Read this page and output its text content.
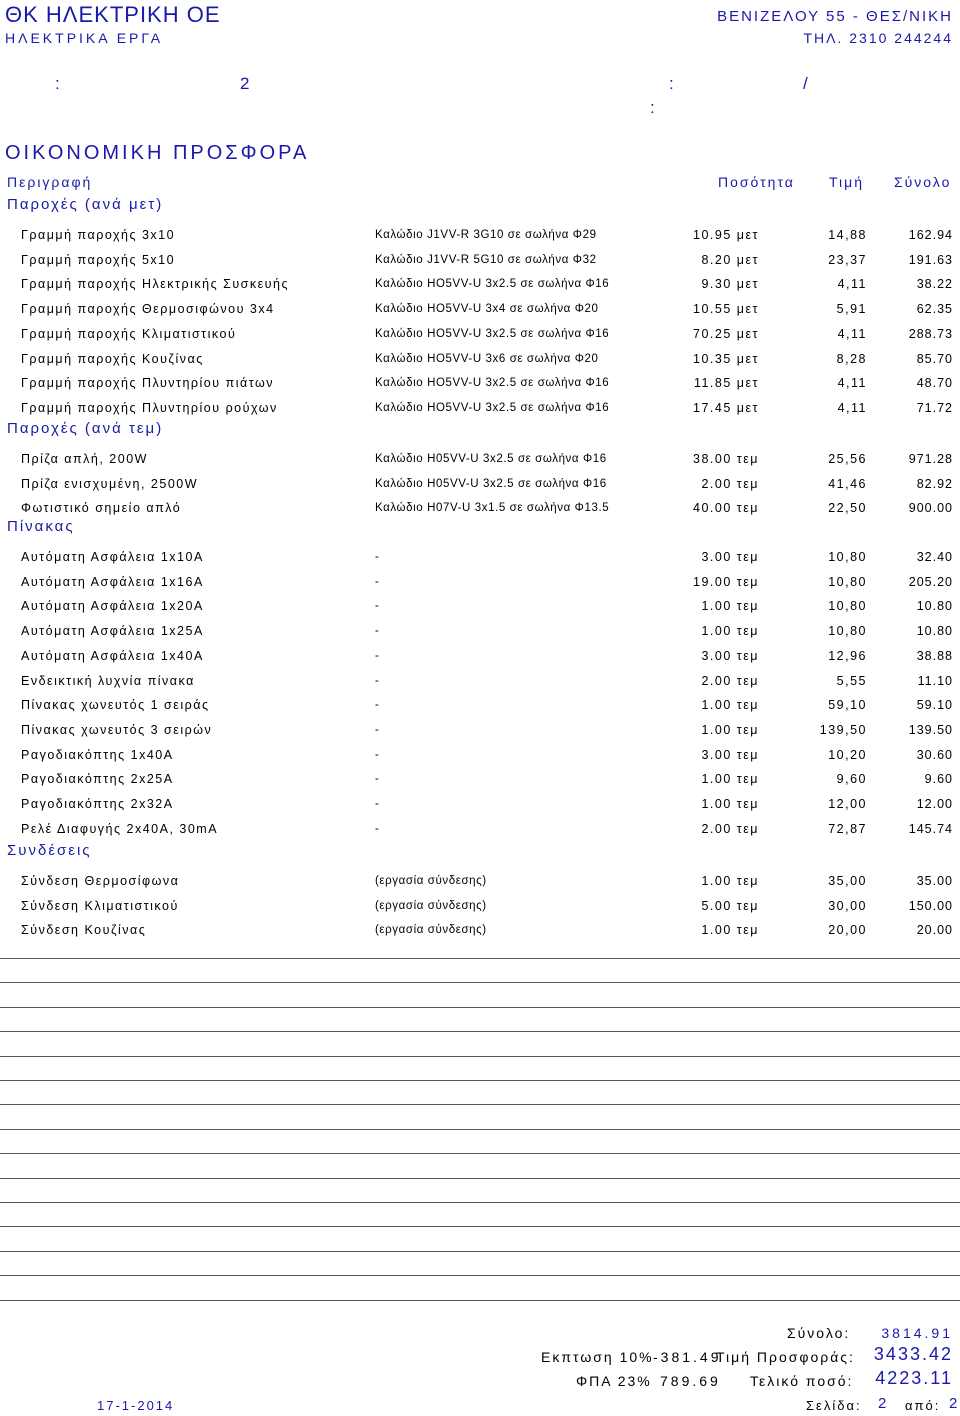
ΘΚ ΗΛΕΚΤΡΙΚΗ ΟΕ
ΗΛΕΚΤΡΙΚΑ ΕΡΓΑ
ΒΕΝΙΖΕΛΟΥ 55 - ΘΕΣ/ΝΙΚΗ
ΤΗΛ. 2310 244244
:	2	:	/
:
ΟΙΚΟΝΟΜΙΚΗ ΠΡΟΣΦΟΡΑ
Περιγραφή	Ποσότητα Τιμή Σύνολο
Παροχές (ανά μετ)
Γραμμή παροχής 3x10	Καλώδιο J1VV-R 3G10 σε σωλήνα Φ29	10.95 μετ	14,88	162.94
Γραμμή παροχής 5x10	Καλώδιο J1VV-R 5G10 σε σωλήνα Φ32	8.20 μετ	23,37	191.63
Γραμμή παροχής Ηλεκτρικής Συσκευής	Καλώδιο HO5VV-U 3x2.5 σε σωλήνα Φ16	9.30 μετ	4,11	38.22
Γραμμή παροχής Θερμοσιφώνου 3x4	Καλώδιο HO5VV-U 3x4 σε σωλήνα Φ20	10.55 μετ	5,91	62.35
Γραμμή παροχής Κλιματιστικού	Καλώδιο HO5VV-U 3x2.5 σε σωλήνα Φ16	70.25 μετ	4,11	288.73
Γραμμή παροχής Κουζίνας	Καλώδιο HO5VV-U 3x6 σε σωλήνα Φ20	10.35 μετ	8,28	85.70
Γραμμή παροχής Πλυντηρίου πιάτων	Καλώδιο HO5VV-U 3x2.5 σε σωλήνα Φ16	11.85 μετ	4,11	48.70
Γραμμή παροχής Πλυντηρίου ρούχων	Καλώδιο HO5VV-U 3x2.5 σε σωλήνα Φ16	17.45 μετ	4,11	71.72
Παροχές (ανά τεμ)
Πρίζα απλή, 200W	Καλώδιο H05VV-U 3x2.5 σε σωλήνα Φ16	38.00 τεμ	25,56	971.28
Πρίζα ενισχυμένη, 2500W	Καλώδιο H05VV-U 3x2.5 σε σωλήνα Φ16	2.00 τεμ	41,46	82.92
Φωτιστικό σημείο απλό	Καλώδιο H07V-U 3x1.5 σε σωλήνα Φ13.5	40.00 τεμ	22,50	900.00
Πίνακας
Αυτόματη Ασφάλεια 1x10A	-	3.00 τεμ	10,80	32.40
Αυτόματη Ασφάλεια 1x16A	-	19.00 τεμ	10,80	205.20
Αυτόματη Ασφάλεια 1x20A	-	1.00 τεμ	10,80	10.80
Αυτόματη Ασφάλεια 1x25A	-	1.00 τεμ	10,80	10.80
Αυτόματη Ασφάλεια 1x40A	-	3.00 τεμ	12,96	38.88
Ενδεικτική λυχνία πίνακα	-	2.00 τεμ	5,55	11.10
Πίνακας χωνευτός 1 σειράς	-	1.00 τεμ	59,10	59.10
Πίνακας χωνευτός 3 σειρών	-	1.00 τεμ	139,50	139.50
Ραγοδιακόπτης 1x40A	-	3.00 τεμ	10,20	30.60
Ραγοδιακόπτης 2x25A	-	1.00 τεμ	9,60	9.60
Ραγοδιακόπτης 2x32A	-	1.00 τεμ	12,00	12.00
Ρελέ Διαφυγής 2x40A, 30mA	-	2.00 τεμ	72,87	145.74
Συνδέσεις
Σύνδεση Θερμοσίφωνα	(εργασία σύνδεσης)	1.00 τεμ	35,00	35.00
Σύνδεση Κλιματιστικού	(εργασία σύνδεσης)	5.00 τεμ	30,00	150.00
Σύνδεση Κουζίνας	(εργασία σύνδεσης)	1.00 τεμ	20,00	20.00
Σύνολο: 3814.91
Εκπτωση 10% -381.49
Τιμή Προσφοράς: 3433.42
ΦΠΑ 23% 789.69 Τελικό ποσό: 4223.11
17-1-2014	Σελίδα: 2 από: 2
